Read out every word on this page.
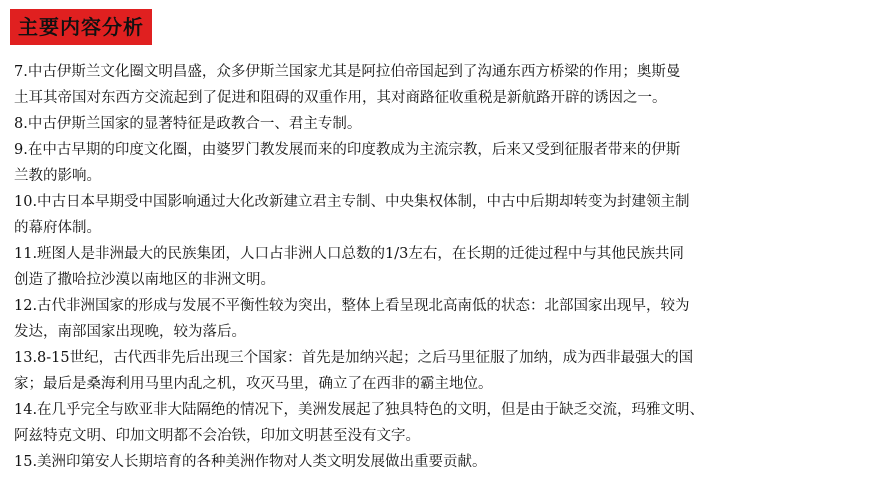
主要内容分析
7.中古伊斯兰文化圈文明昌盛，众多伊斯兰国家尤其是阿拉伯帝国起到了沟通东西方桥梁的作用；奥斯曼
土耳其帝国对东西方交流起到了促进和阻碍的双重作用，其对商路征收重税是新航路开辟的诱因之一。
8.中古伊斯兰国家的显著特征是政教合一、君主专制。
9.在中古早期的印度文化圈，由婆罗门教发展而来的印度教成为主流宗教，后来又受到征服者带来的伊斯
兰教的影响。
10.中古日本早期受中国影响通过大化改新建立君主专制、中央集权体制，中古中后期却转变为封建领主制
的幕府体制。
11.班图人是非洲最大的民族集团，人口占非洲人口总数的1/3左右，在长期的迁徙过程中与其他民族共同
创造了撒哈拉沙漠以南地区的非洲文明。
12.古代非洲国家的形成与发展不平衡性较为突出，整体上看呈现北高南低的状态：北部国家出现早，较为
发达，南部国家出现晚，较为落后。
13.8-15世纪，古代西非先后出现三个国家：首先是加纳兴起；之后马里征服了加纳，成为西非最强大的国
家；最后是桑海利用马里内乱之机，攻灭马里，确立了在西非的霸主地位。
14.在几乎完全与欧亚非大陆隔绝的情况下，美洲发展起了独具特色的文明，但是由于缺乏交流，玛雅文明、
阿兹特克文明、印加文明都不会冶铁，印加文明甚至没有文字。
15.美洲印第安人长期培育的各种美洲作物对人类文明发展做出重要贡献。
